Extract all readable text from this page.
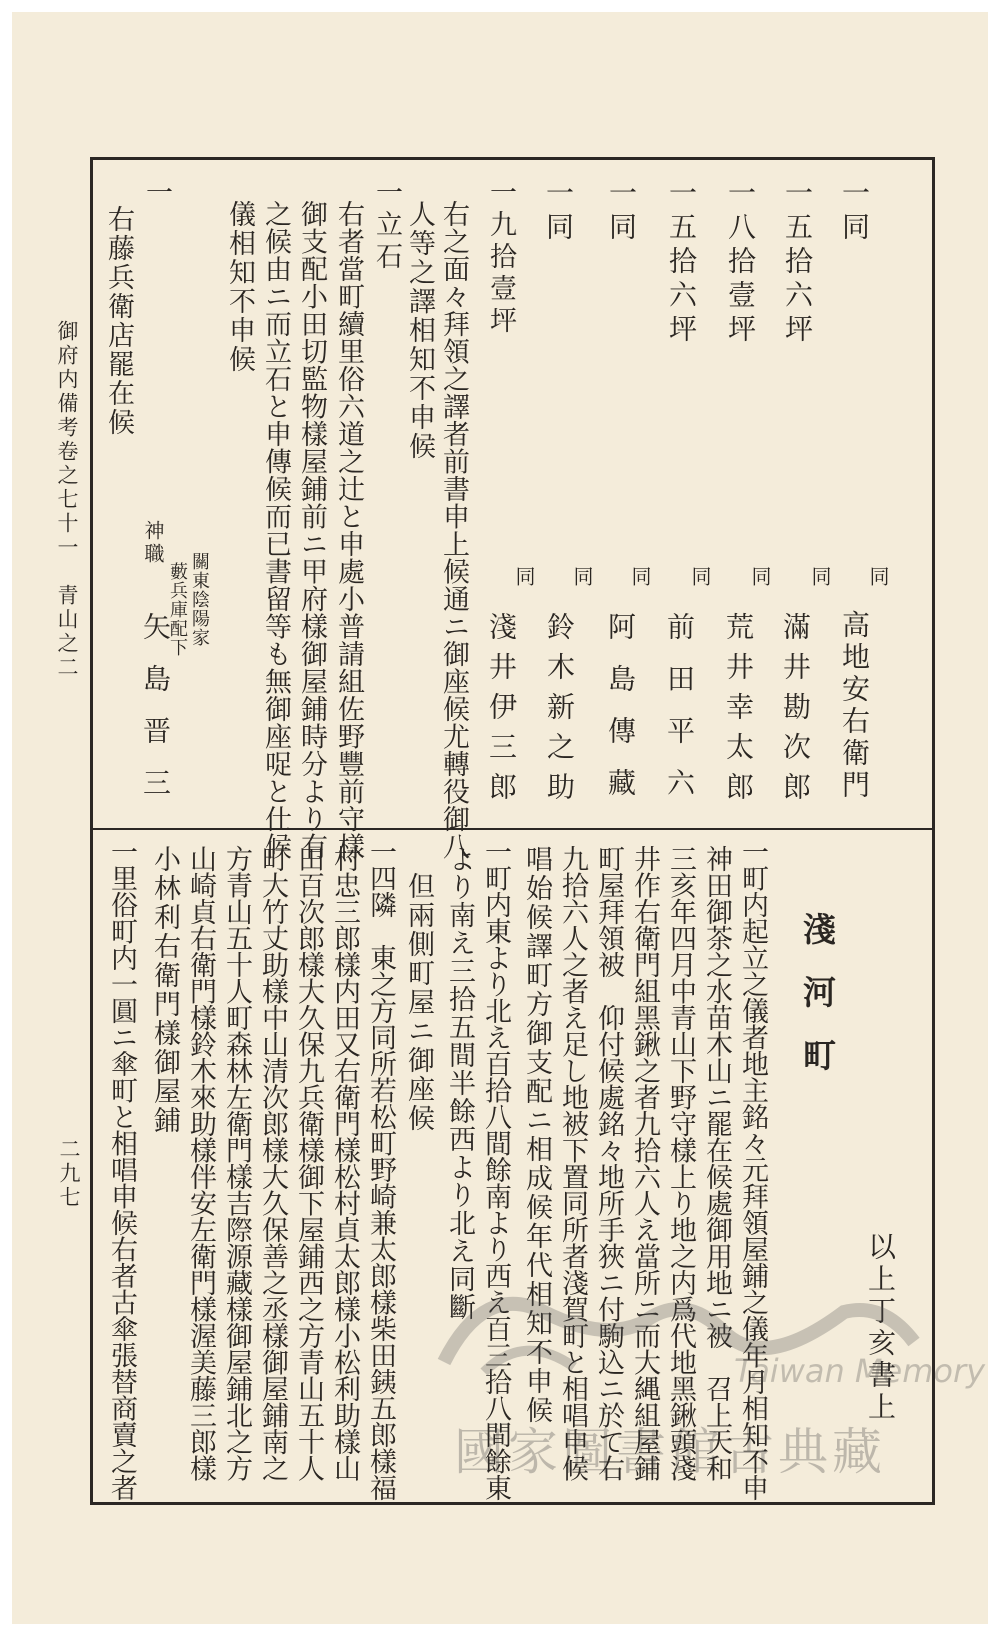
御府内備考卷之七十一　青山之二
二九七
一同
一五拾六坪
一八拾壹坪
一五拾六坪
一同
一同
同
高地安右衛門
同
滿井勘次郎
同
荒井幸太郎
同
前田平六
同
阿島傳藏
同
鈴木新之助
同
淺井伊三郎
一九拾壹坪
右之面々拜領之譯者前書申上候通ニ御座候尤轉役御八
人等之譯相知不申候
一立石
右者當町續里俗六道之辻と申處小普請組佐野豐前守樣
御支配小田切監物樣屋鋪前ニ甲府樣御屋鋪時分より有
之候由ニ而立石と申傳候而已書留等も無御座哫と仕候
儀相知不申候
一
右藤兵衛店罷在候
關東陰陽家
藪兵庫配下
神職
矢島晋三
以上丁亥書上
淺河町
一町内起立之儀者地主銘々元拜領屋鋪之儀年月相知不申
神田御茶之水苗木山ニ罷在候處御用地ニ被　召上天和
三亥年四月中青山下野守樣上り地之内爲代地黑鍬頭淺
井作右衛門組黑鍬之者九拾六人え當所ニ而大縄組屋鋪
町屋拜領被　仰付候處銘々地所手狹ニ付駒込ニ於て右
九拾六人之者え足し地被下置同所者淺賀町と相唱申候
唱始候譯町方御支配ニ相成候年代相知不申候
一町内東より北え百拾八間餘南より西え百三拾八間餘東
より南え三拾五間半餘西より北え同斷
但兩側町屋ニ御座候
一四隣　東之方同所若松町野崎兼太郎樣柴田銕五郎樣福
村忠三郎樣内田又右衛門樣松村貞太郎樣小松利助樣山
田百次郎樣大久保九兵衛樣御下屋鋪西之方青山五十人
町大竹丈助樣中山清次郎樣大久保善之丞樣御屋鋪南之
方青山五十人町森林左衛門樣吉際源藏樣御屋鋪北之方
山崎貞右衛門樣鈴木來助樣伴安左衛門樣渥美藤三郎樣
小林利右衛門樣御屋鋪
一里俗町内一圓ニ傘町と相唱申候右者古傘張替商賣之者	Taiwan Memory
國家圖書館古典藏
